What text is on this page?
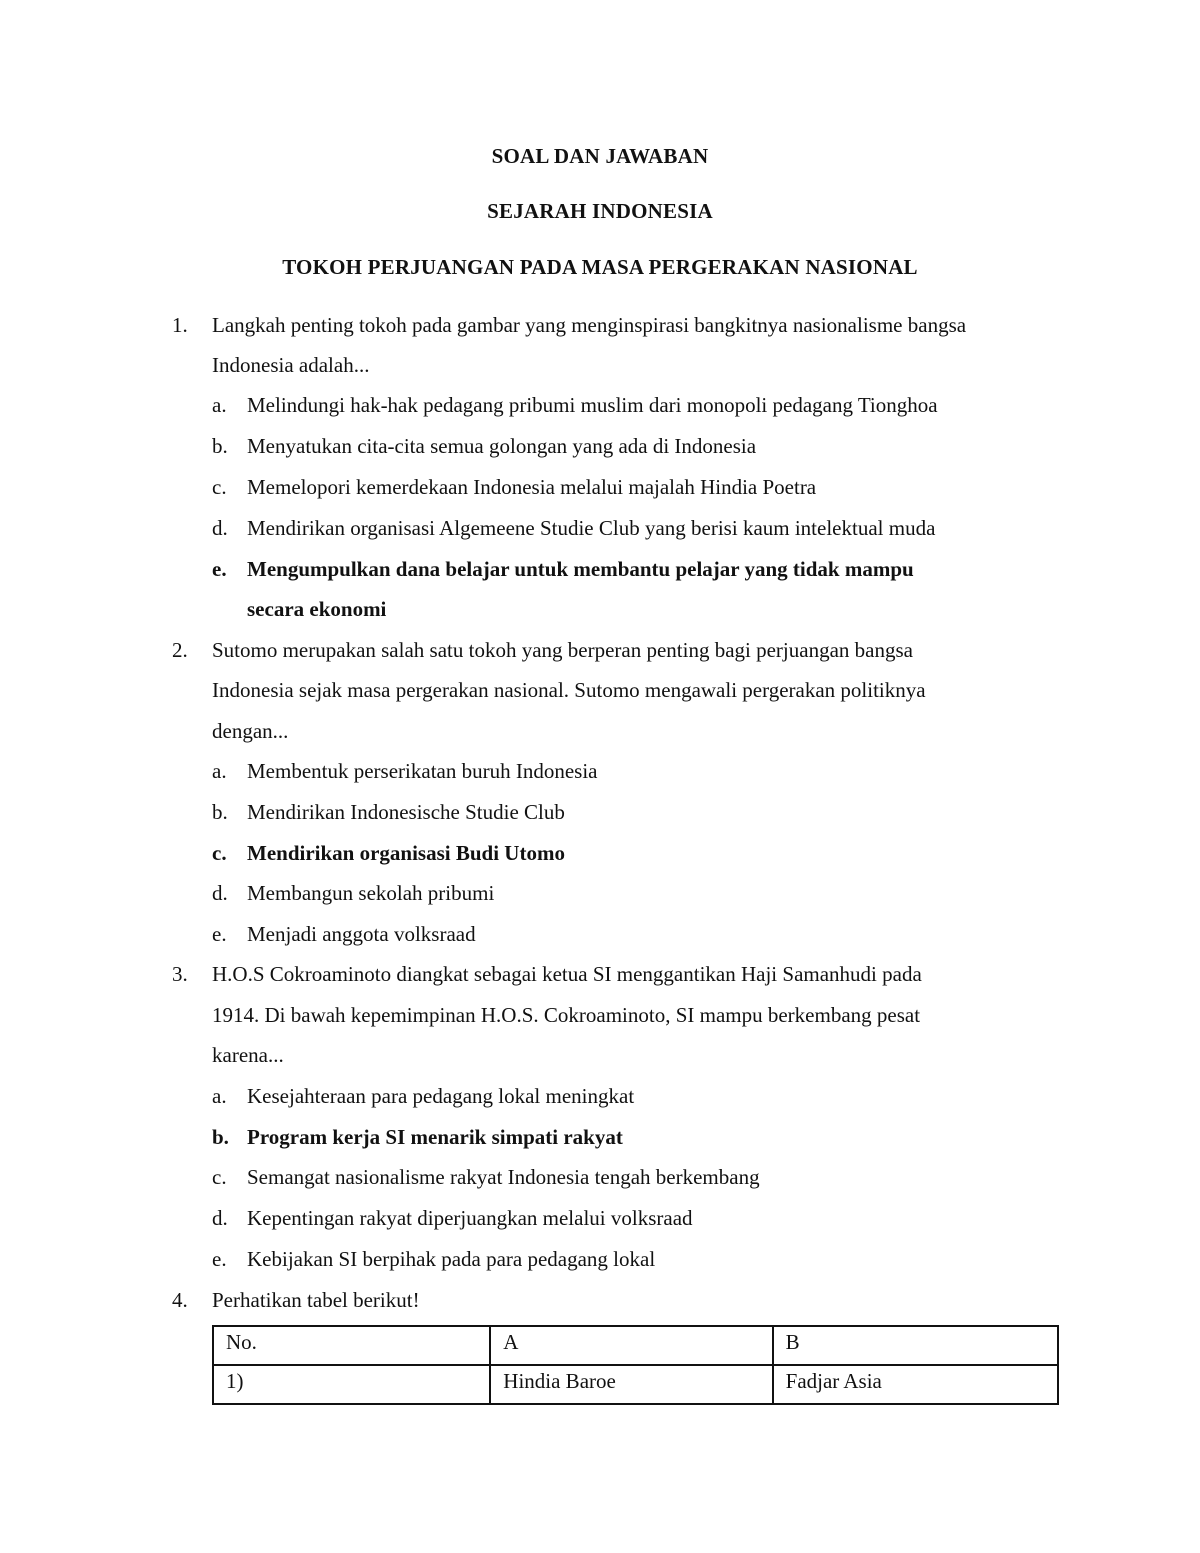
SOAL DAN JAWABAN
SEJARAH INDONESIA
TOKOH PERJUANGAN PADA MASA PERGERAKAN NASIONAL
1. Langkah penting tokoh pada gambar yang menginspirasi bangkitnya nasionalisme bangsa
Indonesia adalah...
a. Melindungi hak-hak pedagang pribumi muslim dari monopoli pedagang Tionghoa
b. Menyatukan cita-cita semua golongan yang ada di Indonesia
c. Memelopori kemerdekaan Indonesia melalui majalah Hindia Poetra
d. Mendirikan organisasi Algemeene Studie Club yang berisi kaum intelektual muda
e. Mengumpulkan dana belajar untuk membantu pelajar yang tidak mampu
secara ekonomi
2. Sutomo merupakan salah satu tokoh yang berperan penting bagi perjuangan bangsa
Indonesia sejak masa pergerakan nasional. Sutomo mengawali pergerakan politiknya
dengan...
a. Membentuk perserikatan buruh Indonesia
b. Mendirikan Indonesische Studie Club
c. Mendirikan organisasi Budi Utomo
d. Membangun sekolah pribumi
e. Menjadi anggota volksraad
3. H.O.S Cokroaminoto diangkat sebagai ketua SI menggantikan Haji Samanhudi pada
1914. Di bawah kepemimpinan H.O.S. Cokroaminoto, SI mampu berkembang pesat
karena...
a. Kesejahteraan para pedagang lokal meningkat
b. Program kerja SI menarik simpati rakyat
c. Semangat nasionalisme rakyat Indonesia tengah berkembang
d. Kepentingan rakyat diperjuangkan melalui volksraad
e. Kebijakan SI berpihak pada para pedagang lokal
4. Perhatikan tabel berikut!
No.	A	B
1)	Hindia Baroe	Fadjar Asia
